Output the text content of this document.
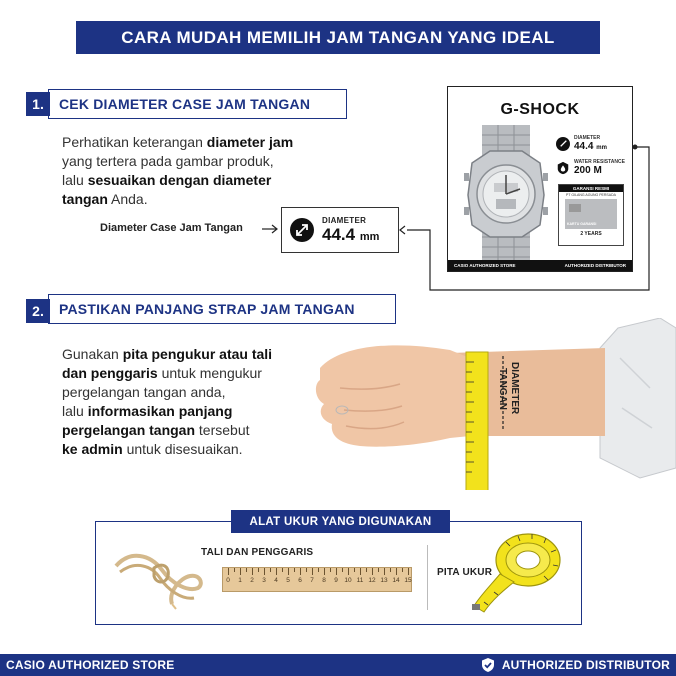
CARA MUDAH MEMILIH JAM TANGAN YANG IDEAL
1.	CEK DIAMETER CASE JAM TANGAN
Perhatikan keterangan diameter jam
yang tertera pada gambar produk,
lalu sesuaikan dengan diameter
tangan Anda.
Diameter Case Jam Tangan
DIAMETER
44.4 mm
G-SHOCK
DIAMETER
44.4 mm
WATER RESISTANCE
200 M
GARANSI RESMI
PT GILANG AGUNG PERSADA
KARTU GARANSI
2 YEARS
CASIO AUTHORIZED STORE	AUTHORIZED DISTRIBUTOR
2.	PASTIKAN PANJANG STRAP JAM TANGAN
Gunakan pita pengukur atau tali
dan penggaris untuk mengukur
pergelangan tangan anda,
lalu informasikan panjang
pergelangan tangan tersebut
ke admin untuk disesuaikan.
DIAMETER
TANGAN
ALAT UKUR YANG DIGUNAKAN
TALI DAN PENGGARIS
0 1 2 3 4 5 6 7 8 9 10 11 12 13 14 15
PITA UKUR
CASIO AUTHORIZED STORE	AUTHORIZED DISTRIBUTOR
